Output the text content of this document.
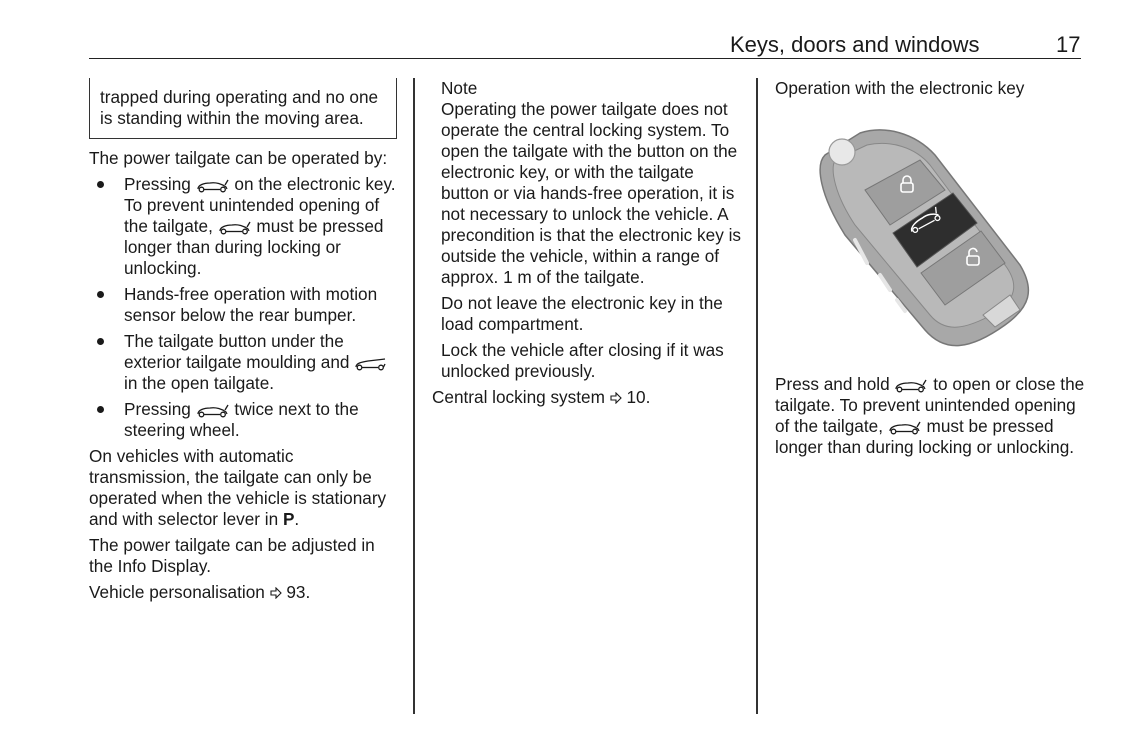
Keys, doors and windows	17
trapped during operating and no one is standing within the moving area.

The power tailgate can be operated by:

Pressing  on the electronic key. To prevent unintended opening of the tailgate,  must be pressed longer than during locking or unlocking.
Hands-free operation with motion sensor below the rear bumper.
The tailgate button under the exterior tailgate moulding and  in the open tailgate.
Pressing  twice next to the steering wheel.

On vehicles with automatic transmission, the tailgate can only be operated when the vehicle is stationary and with selector lever in P.

The power tailgate can be adjusted in the Info Display.

Vehicle personalisation 93.

Note

Operating the power tailgate does not operate the central locking system. To open the tailgate with the button on the electronic key, or with the tailgate button or via hands-free operation, it is not necessary to unlock the vehicle. A precondition is that the electronic key is outside the vehicle, within a range of approx. 1 m of the tailgate.

Do not leave the electronic key in the load compartment.

Lock the vehicle after closing if it was unlocked previously.

Central locking system 10.

Operation with the electronic key

Press and hold  to open or close the tailgate. To prevent unintended opening of the tailgate,  must be pressed longer than during locking or unlocking.
